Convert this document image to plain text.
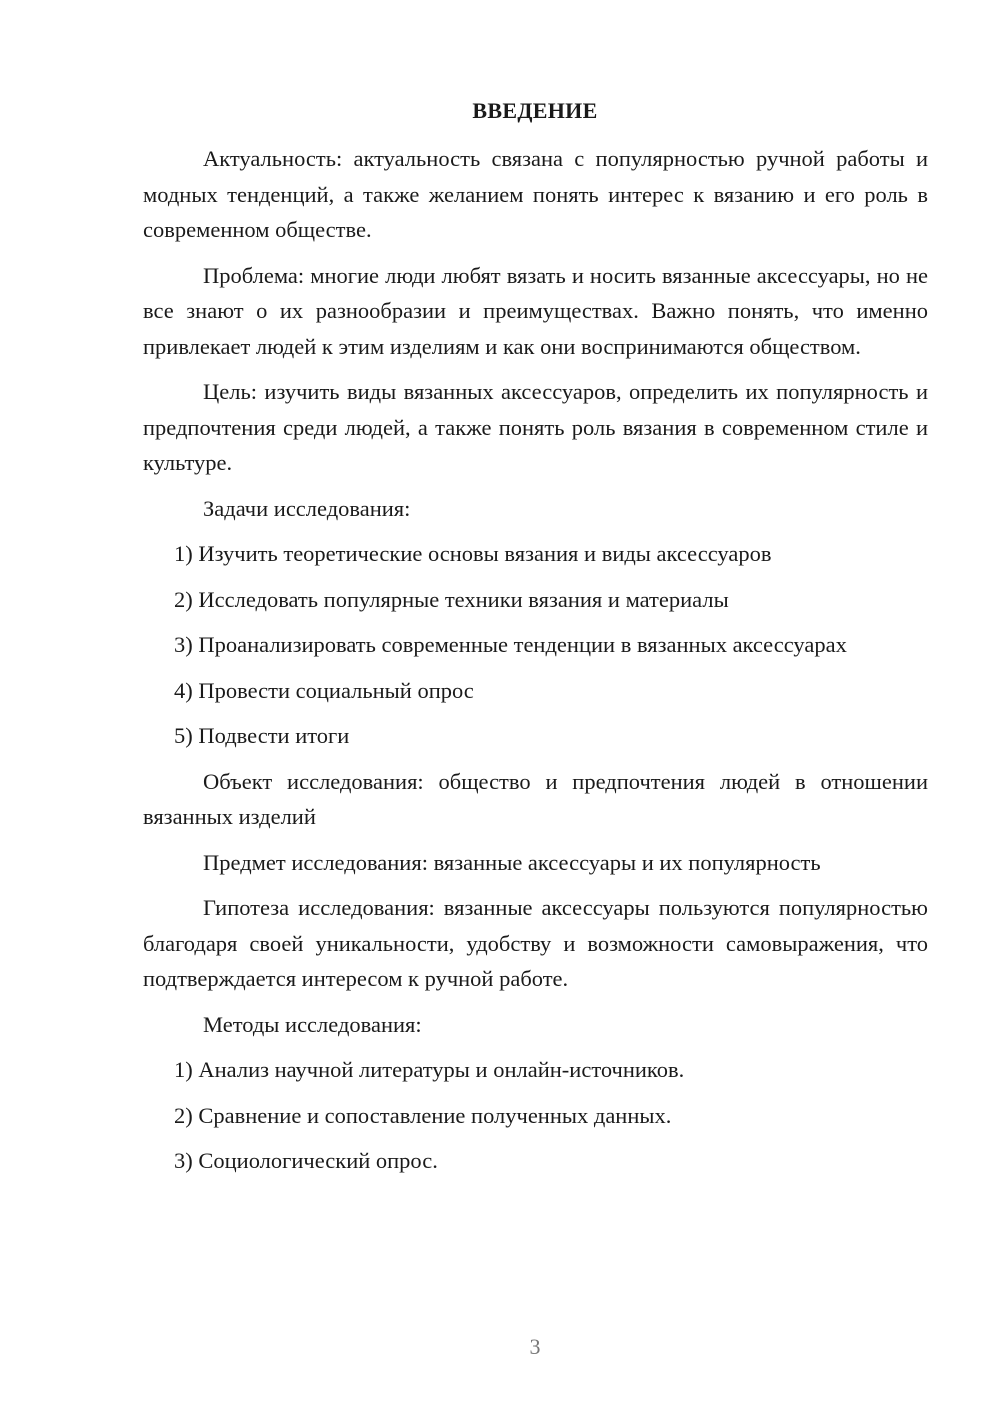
ВВЕДЕНИЕ

Актуальность: актуальность связана с популярностью ручной работы и модных тенденций, а также желанием понять интерес к вязанию и его роль в современном обществе.

Проблема: многие люди любят вязать и носить вязанные аксессуары, но не все знают о их разнообразии и преимуществах. Важно понять, что именно привлекает людей к этим изделиям и как они воспринимаются обществом.

Цель: изучить виды вязанных аксессуаров, определить их популярность и предпочтения среди людей, а также понять роль вязания в современном стиле и культуре.

Задачи исследования:

1) Изучить теоретические основы вязания и виды аксессуаров
2) Исследовать популярные техники вязания и материалы
3) Проанализировать современные тенденции в вязанных аксессуарах
4) Провести социальный опрос
5) Подвести итоги

Объект исследования: общество и предпочтения людей в отношении вязанных изделий

Предмет исследования: вязанные аксессуары и их популярность

Гипотеза исследования: вязанные аксессуары пользуются популярностью благодаря своей уникальности, удобству и возможности самовыражения, что подтверждается интересом к ручной работе.

Методы исследования:

1) Анализ научной литературы и онлайн-источников.
2) Сравнение и сопоставление полученных данных.
3) Социологический опрос.
3
